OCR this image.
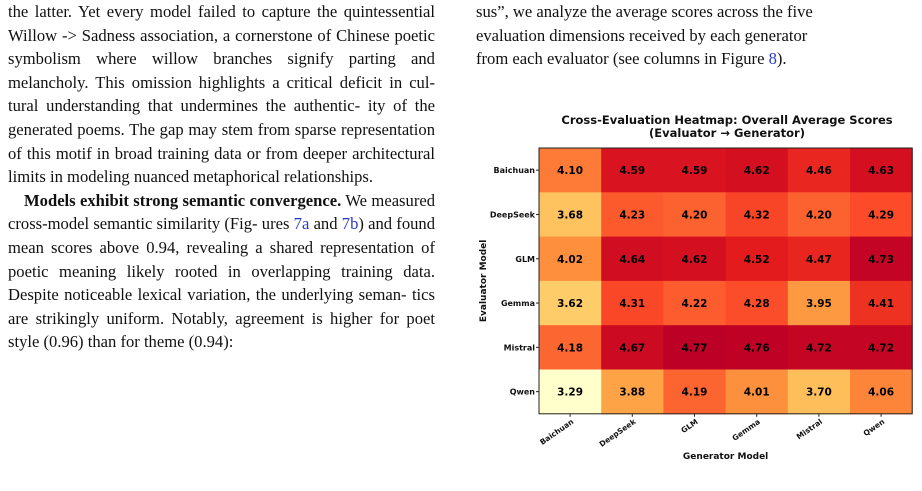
the latter. Yet every model failed to capture the quintessential Willow -> Sadness association, a cornerstone of Chinese poetic symbolism where willow branches signify parting and melancholy. This omission highlights a critical deficit in cul- tural understanding that undermines the authentic- ity of the generated poems. The gap may stem from sparse representation of this motif in broad training data or from deeper architectural limits in modeling nuanced metaphorical relationships.

Models exhibit strong semantic convergence. We measured cross-model semantic similarity (Fig- ures 7a and 7b) and found mean scores above 0.94, revealing a shared representation of poetic meaning likely rooted in overlapping training data. Despite noticeable lexical variation, the underlying seman- tics are strikingly uniform. Notably, agreement is higher for poet style (0.96) than for theme (0.94):

sus”, we analyze the average scores across the five
evaluation dimensions received by each generator
from each evaluator (see columns in Figure 8).

Cross-Evaluation Heatmap: Overall Average Scores
(Evaluator → Generator)
4.10	4.59	4.59	4.62	4.46	4.63
3.68	4.23	4.20	4.32	4.20	4.29
4.02	4.64	4.62	4.52	4.47	4.73
3.62	4.31	4.22	4.28	3.95	4.41
4.18	4.67	4.77	4.76	4.72	4.72
3.29	3.88	4.19	4.01	3.70	4.06
Baichuan
DeepSeek
GLM
Gemma
Mistral
Qwen
Baichuan	DeepSeek	GLM	Gemma	Mistral	Qwen
Evaluator Model
Generator Model
